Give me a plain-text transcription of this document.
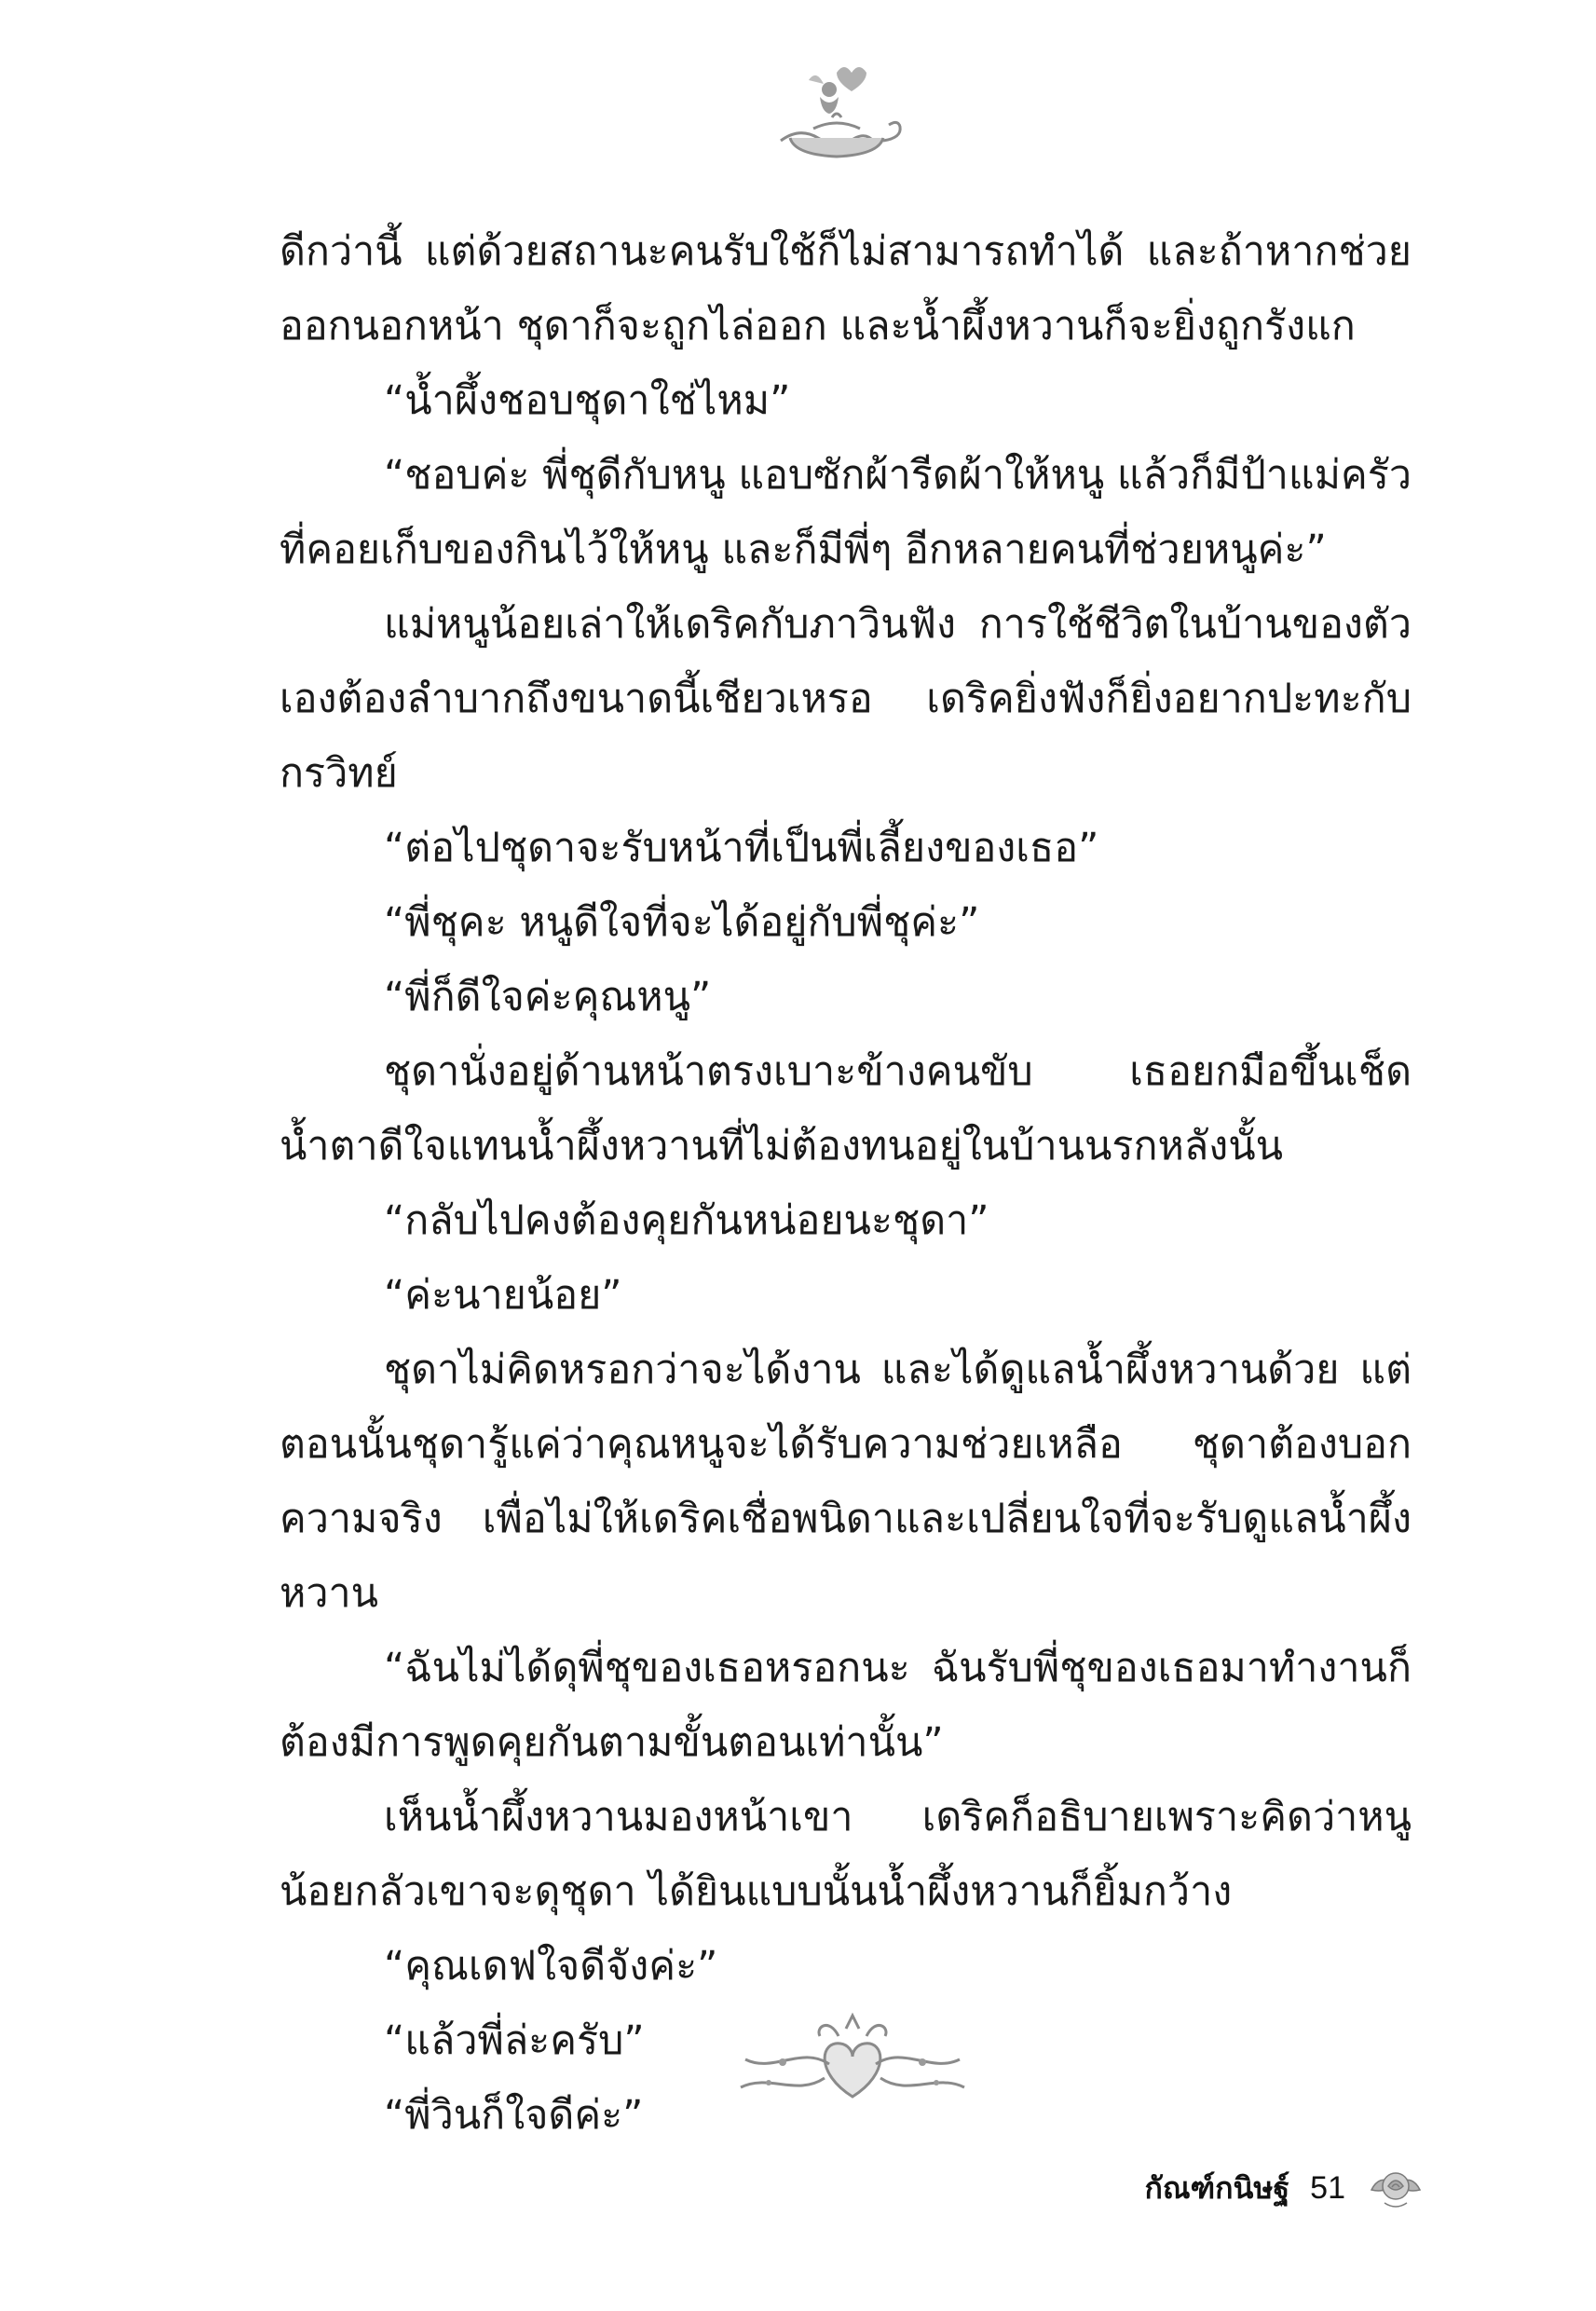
ดีกว่านี้ แต่ด้วยสถานะคนรับใช้ก็ไม่สามารถทำได้ และถ้าหากช่วยออกนอกหน้า ชุดาก็จะถูกไล่ออก และน้ำผึ้งหวานก็จะยิ่งถูกรังแก

“น้ำผึ้งชอบชุดาใช่ไหม”

“ชอบค่ะ พี่ชุดีกับหนู แอบซักผ้ารีดผ้าให้หนู แล้วก็มีป้าแม่ครัวที่คอยเก็บของกินไว้ให้หนู และก็มีพี่ๆ อีกหลายคนที่ช่วยหนูค่ะ”

แม่หนูน้อยเล่าให้เดริคกับภาวินฟัง การใช้ชีวิตในบ้านของตัวเองต้องลำบากถึงขนาดนี้เชียวเหรอ เดริคยิ่งฟังก็ยิ่งอยากปะทะกับกรวิทย์

“ต่อไปชุดาจะรับหน้าที่เป็นพี่เลี้ยงของเธอ”

“พี่ชุคะ หนูดีใจที่จะได้อยู่กับพี่ชุค่ะ”

“พี่ก็ดีใจค่ะคุณหนู”

ชุดานั่งอยู่ด้านหน้าตรงเบาะข้างคนขับ เธอยกมือขึ้นเช็ดน้ำตาดีใจแทนน้ำผึ้งหวานที่ไม่ต้องทนอยู่ในบ้านนรกหลังนั้น

“กลับไปคงต้องคุยกันหน่อยนะชุดา”

“ค่ะนายน้อย”

ชุดาไม่คิดหรอกว่าจะได้งาน และได้ดูแลน้ำผึ้งหวานด้วย แต่ตอนนั้นชุดารู้แค่ว่าคุณหนูจะได้รับความช่วยเหลือ ชุดาต้องบอกความจริง เพื่อไม่ให้เดริคเชื่อพนิดาและเปลี่ยนใจที่จะรับดูแลน้ำผึ้งหวาน

“ฉันไม่ได้ดุพี่ชุของเธอหรอกนะ ฉันรับพี่ชุของเธอมาทำงานก็ต้องมีการพูดคุยกันตามขั้นตอนเท่านั้น”

เห็นน้ำผึ้งหวานมองหน้าเขา เดริคก็อธิบายเพราะคิดว่าหนูน้อยกลัวเขาจะดุชุดา ได้ยินแบบนั้นน้ำผึ้งหวานก็ยิ้มกว้าง

“คุณเดฟใจดีจังค่ะ”

“แล้วพี่ล่ะครับ”

“พี่วินก็ใจดีค่ะ”

กัณฑ์กนิษฐ์ 51
